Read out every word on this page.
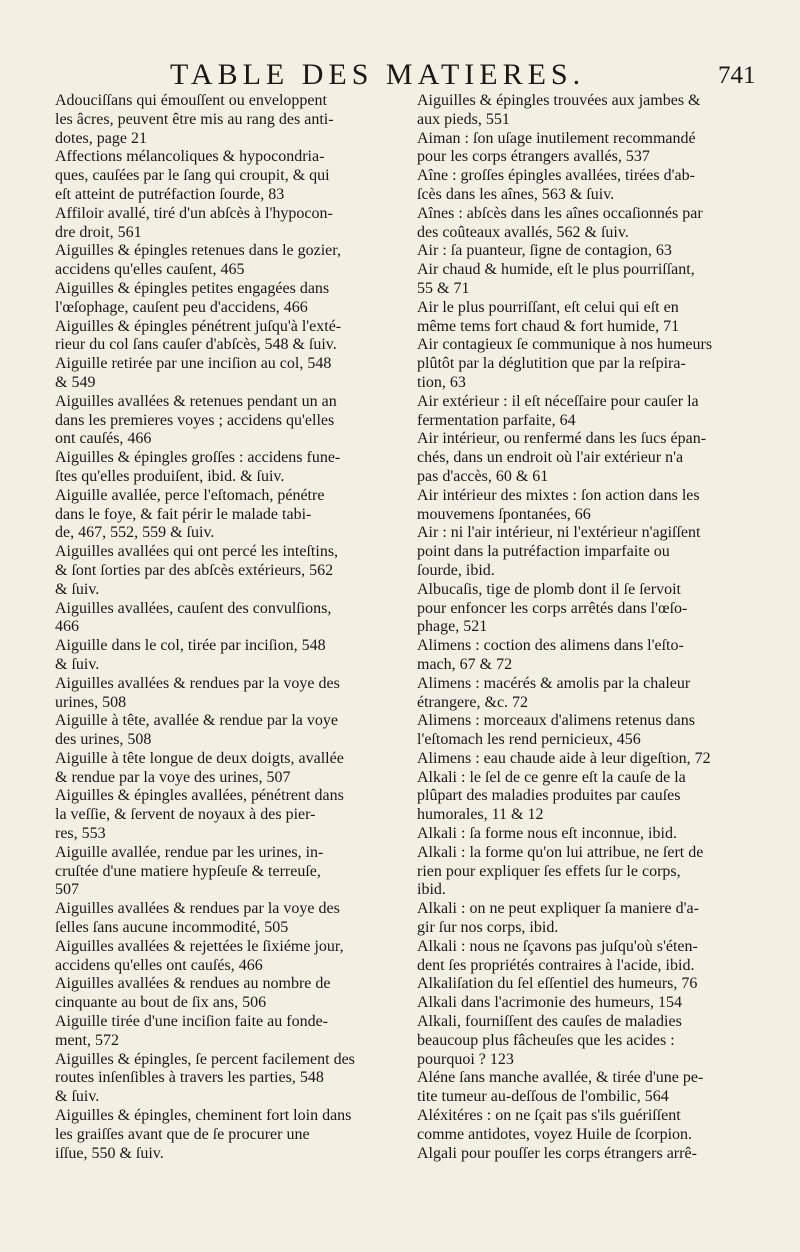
TABLE DES MATIERES.	741
Adouciſſans qui émouſſent ou enveloppent
les âcres, peuvent être mis au rang des anti-
dotes, page 21
Affections mélancoliques & hypocondria-
ques, cauſées par le ſang qui croupit, & qui
eſt atteint de putréfaction ſourde, 83
Affiloir avallé, tiré d'un abſcès à l'hypocon-
dre droit, 561
Aiguilles & épingles retenues dans le gozier,
accidens qu'elles cauſent, 465
Aiguilles & épingles petites engagées dans
l'œſophage, cauſent peu d'accidens, 466
Aiguilles & épingles pénétrent juſqu'à l'exté-
rieur du col ſans cauſer d'abſcès, 548 & ſuiv.
Aiguille retirée par une inciſion au col, 548
& 549
Aiguilles avallées & retenues pendant un an
dans les premieres voyes ; accidens qu'elles
ont cauſés, 466
Aiguilles & épingles groſſes : accidens fune-
ſtes qu'elles produiſent, ibid. & ſuiv.
Aiguille avallée, perce l'eſtomach, pénétre
dans le foye, & fait périr le malade tabi-
de, 467, 552, 559 & ſuiv.
Aiguilles avallées qui ont percé les inteſtins,
& ſont ſorties par des abſcès extérieurs, 562
& ſuiv.
Aiguilles avallées, cauſent des convulſions,
466
Aiguille dans le col, tirée par inciſion, 548
& ſuiv.
Aiguilles avallées & rendues par la voye des
urines, 508
Aiguille à tête, avallée & rendue par la voye
des urines, 508
Aiguille à tête longue de deux doigts, avallée
& rendue par la voye des urines, 507
Aiguilles & épingles avallées, pénétrent dans
la veſſie, & ſervent de noyaux à des pier-
res, 553
Aiguille avallée, rendue par les urines, in-
cruſtée d'une matiere hypſeuſe & terreuſe,
507
Aiguilles avallées & rendues par la voye des
ſelles ſans aucune incommodité, 505
Aiguilles avallées & rejettées le ſixiéme jour,
accidens qu'elles ont cauſés, 466
Aiguilles avallées & rendues au nombre de
cinquante au bout de ſix ans, 506
Aiguille tirée d'une inciſion faite au fonde-
ment, 572
Aiguilles & épingles, ſe percent facilement des
routes inſenſibles à travers les parties, 548
& ſuiv.
Aiguilles & épingles, cheminent fort loin dans
les graiſſes avant que de ſe procurer une
iſſue, 550 & ſuiv.
Aiguilles & épingles trouvées aux jambes &
aux pieds, 551
Aiman : ſon uſage inutilement recommandé
pour les corps étrangers avallés, 537
Aîne : groſſes épingles avallées, tirées d'ab-
ſcès dans les aînes, 563 & ſuiv.
Aînes : abſcès dans les aînes occaſionnés par
des coûteaux avallés, 562 & ſuiv.
Air : ſa puanteur, ſigne de contagion, 63
Air chaud & humide, eſt le plus pourriſſant,
55 & 71
Air le plus pourriſſant, eſt celui qui eſt en
même tems fort chaud & fort humide, 71
Air contagieux ſe communique à nos humeurs
plûtôt par la déglutition que par la reſpira-
tion, 63
Air extérieur : il eſt néceſſaire pour cauſer la
fermentation parfaite, 64
Air intérieur, ou renfermé dans les ſucs épan-
chés, dans un endroit où l'air extérieur n'a
pas d'accès, 60 & 61
Air intérieur des mixtes : ſon action dans les
mouvemens ſpontanées, 66
Air : ni l'air intérieur, ni l'extérieur n'agiſſent
point dans la putréfaction imparfaite ou
ſourde, ibid.
Albucaſis, tige de plomb dont il ſe ſervoit
pour enfoncer les corps arrêtés dans l'œſo-
phage, 521
Alimens : coction des alimens dans l'eſto-
mach, 67 & 72
Alimens : macérés & amolis par la chaleur
étrangere, &c. 72
Alimens : morceaux d'alimens retenus dans
l'eſtomach les rend pernicieux, 456
Alimens : eau chaude aide à leur digeſtion, 72
Alkali : le ſel de ce genre eſt la cauſe de la
plûpart des maladies produites par cauſes
humorales, 11 & 12
Alkali : ſa forme nous eſt inconnue, ibid.
Alkali : la forme qu'on lui attribue, ne ſert de
rien pour expliquer ſes effets ſur le corps,
ibid.
Alkali : on ne peut expliquer ſa maniere d'a-
gir ſur nos corps, ibid.
Alkali : nous ne ſçavons pas juſqu'où s'éten-
dent ſes propriétés contraires à l'acide, ibid.
Alkaliſation du ſel eſſentiel des humeurs, 76
Alkali dans l'acrimonie des humeurs, 154
Alkali, fourniſſent des cauſes de maladies
beaucoup plus fâcheuſes que les acides :
pourquoi ? 123
Aléne ſans manche avallée, & tirée d'une pe-
tite tumeur au-deſſous de l'ombilic, 564
Aléxitéres : on ne ſçait pas s'ils guériſſent
comme antidotes, voyez Huile de ſcorpion.
Algali pour pouſſer les corps étrangers arrê-
